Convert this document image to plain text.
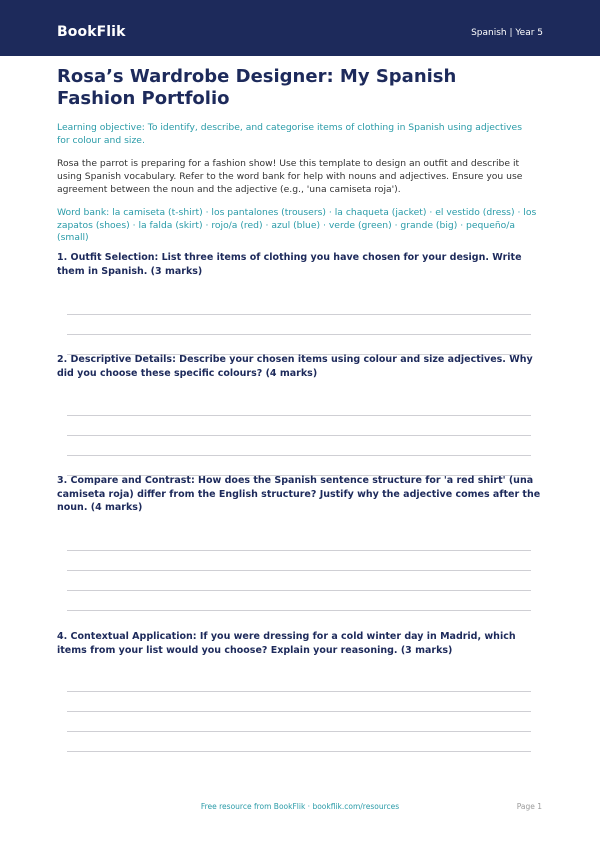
BookFlik	Spanish | Year 5
Rosa’s Wardrobe Designer: My Spanish Fashion Portfolio
Learning objective: To identify, describe, and categorise items of clothing in Spanish using adjectives for colour and size.
Rosa the parrot is preparing for a fashion show! Use this template to design an outfit and describe it using Spanish vocabulary. Refer to the word bank for help with nouns and adjectives. Ensure you use agreement between the noun and the adjective (e.g., 'una camiseta roja').
Word bank: la camiseta (t-shirt) · los pantalones (trousers) · la chaqueta (jacket) · el vestido (dress) · los zapatos (shoes) · la falda (skirt) · rojo/a (red) · azul (blue) · verde (green) · grande (big) · pequeño/a (small)
1. Outfit Selection: List three items of clothing you have chosen for your design. Write them in Spanish. (3 marks)
2. Descriptive Details: Describe your chosen items using colour and size adjectives. Why did you choose these specific colours? (4 marks)
3. Compare and Contrast: How does the Spanish sentence structure for 'a red shirt' (una camiseta roja) differ from the English structure? Justify why the adjective comes after the noun. (4 marks)
4. Contextual Application: If you were dressing for a cold winter day in Madrid, which items from your list would you choose? Explain your reasoning. (3 marks)
Free resource from BookFlik · bookflik.com/resources	Page 1
